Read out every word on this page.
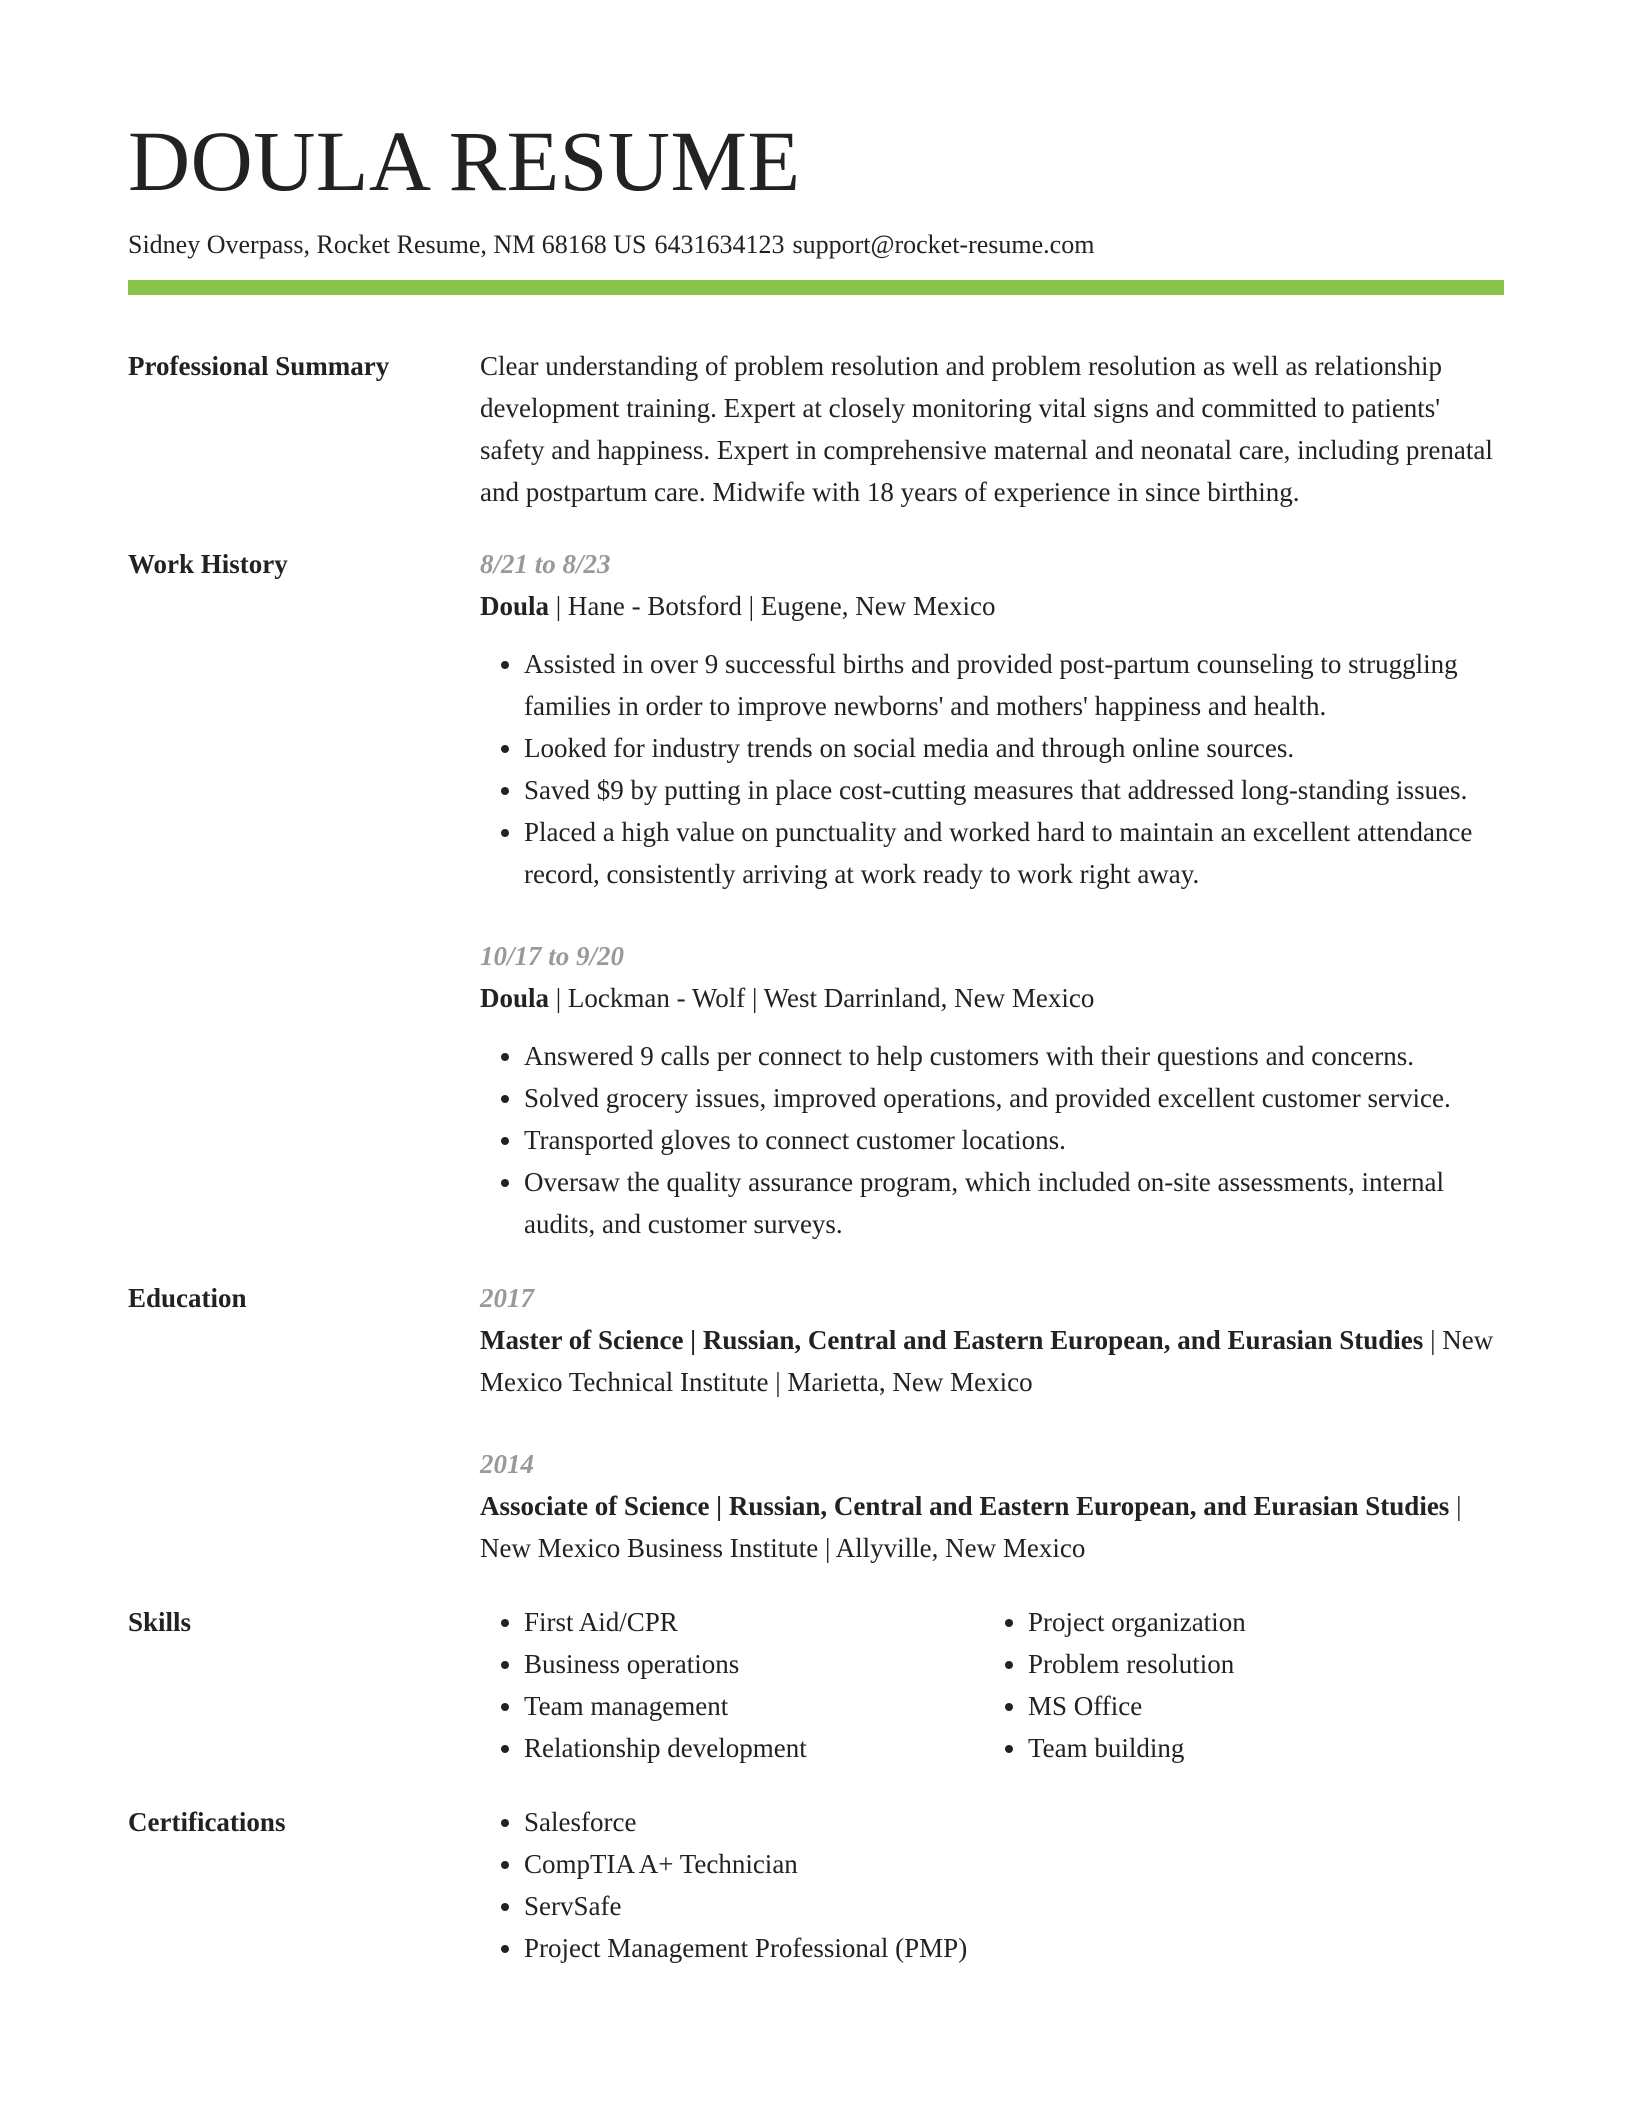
DOULA RESUME
Sidney Overpass, Rocket Resume, NM 68168 US 6431634123 support@rocket-resume.com
Professional Summary	Clear understanding of problem resolution and problem resolution as well as relationship development training. Expert at closely monitoring vital signs and committed to patients' safety and happiness. Expert in comprehensive maternal and neonatal care, including prenatal and postpartum care. Midwife with 18 years of experience in since birthing.
Work History	8/21 to 8/23
Doula | Hane - Botsford | Eugene, New Mexico
• Assisted in over 9 successful births and provided post-partum counseling to struggling families in order to improve newborns' and mothers' happiness and health.
• Looked for industry trends on social media and through online sources.
• Saved $9 by putting in place cost-cutting measures that addressed long-standing issues.
• Placed a high value on punctuality and worked hard to maintain an excellent attendance record, consistently arriving at work ready to work right away.
10/17 to 9/20
Doula | Lockman - Wolf | West Darrinland, New Mexico
• Answered 9 calls per connect to help customers with their questions and concerns.
• Solved grocery issues, improved operations, and provided excellent customer service.
• Transported gloves to connect customer locations.
• Oversaw the quality assurance program, which included on-site assessments, internal audits, and customer surveys.
Education	2017
Master of Science | Russian, Central and Eastern European, and Eurasian Studies | New Mexico Technical Institute | Marietta, New Mexico
2014
Associate of Science | Russian, Central and Eastern European, and Eurasian Studies | New Mexico Business Institute | Allyville, New Mexico
Skills	• First Aid/CPR
• Business operations
• Team management
• Relationship development
• Project organization
• Problem resolution
• MS Office
• Team building
Certifications	• Salesforce
• CompTIA A+ Technician
• ServSafe
• Project Management Professional (PMP)
